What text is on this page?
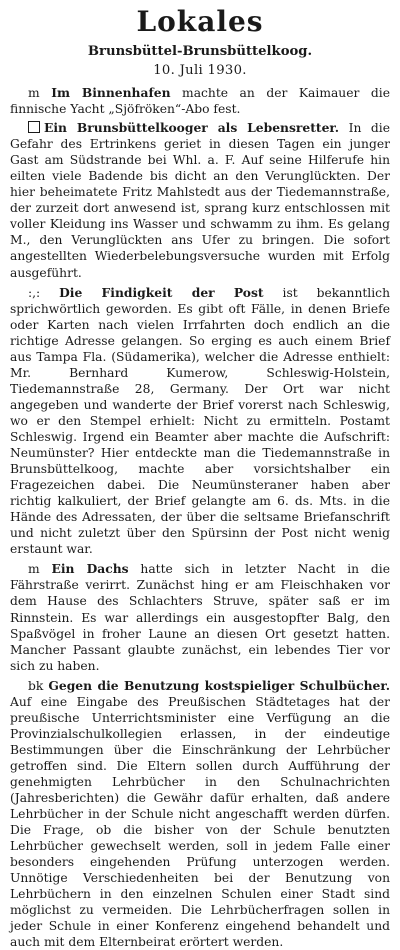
Lokales
Brunsbüttel-Brunsbüttelkoog.
10. Juli 1930.

m Im Binnenhafen machte an der Kaimauer die finnische Yacht „Sjöfröken“-Abo fest.

Ein Brunsbüttelkooger als Lebensretter. In die Gefahr des Ertrinkens geriet in diesen Tagen ein junger Gast am Südstrande bei Whl. a. F. Auf seine Hilferufe hin eilten viele Badende bis dicht an den Verunglückten. Der hier beheimatete Fritz Mahlstedt aus der Tiedemannstraße, der zurzeit dort anwesend ist, sprang kurz entschlossen mit voller Kleidung ins Wasser und schwamm zu ihm. Es gelang M., den Verunglückten ans Ufer zu bringen. Die sofort angestellten Wiederbelebungsversuche wurden mit Erfolg ausgeführt.

:,: Die Findigkeit der Post ist bekanntlich sprichwörtlich geworden. Es gibt oft Fälle, in denen Briefe oder Karten nach vielen Irrfahrten doch endlich an die richtige Adresse gelangen. So erging es auch einem Brief aus Tampa Fla. (Südamerika), welcher die Adresse enthielt: Mr. Bernhard Kumerow, Schleswig-Holstein, Tiedemannstraße 28, Germany. Der Ort war nicht angegeben und wanderte der Brief vorerst nach Schleswig, wo er den Stempel erhielt: Nicht zu ermitteln. Postamt Schleswig. Irgend ein Beamter aber machte die Aufschrift: Neumünster? Hier entdeckte man die Tiedemannstraße in Brunsbüttelkoog, machte aber vorsichtshalber ein Fragezeichen dabei. Die Neumünsteraner haben aber richtig kalkuliert, der Brief gelangte am 6. ds. Mts. in die Hände des Adressaten, der über die seltsame Briefanschrift und nicht zuletzt über den Spürsinn der Post nicht wenig erstaunt war.

m Ein Dachs hatte sich in letzter Nacht in die Fährstraße verirrt. Zunächst hing er am Fleischhaken vor dem Hause des Schlachters Struve, später saß er im Rinnstein. Es war allerdings ein ausgestopfter Balg, den Spaßvögel in froher Laune an diesen Ort gesetzt hatten. Mancher Passant glaubte zunächst, ein lebendes Tier vor sich zu haben.

bk Gegen die Benutzung kostspieliger Schulbücher. Auf eine Eingabe des Preußischen Städtetages hat der preußische Unterrichtsminister eine Verfügung an die Provinzialschulkollegien erlassen, in der eindeutige Bestimmungen über die Einschränkung der Lehrbücher getroffen sind. Die Eltern sollen durch Aufführung der genehmigten Lehrbücher in den Schulnachrichten (Jahresberichten) die Gewähr dafür erhalten, daß andere Lehrbücher in der Schule nicht angeschafft werden dürfen. Die Frage, ob die bisher von der Schule benutzten Lehrbücher gewechselt werden, soll in jedem Falle einer besonders eingehenden Prüfung unterzogen werden. Unnötige Verschiedenheiten bei der Benutzung von Lehrbüchern in den einzelnen Schulen einer Stadt sind möglichst zu vermeiden. Die Lehrbücherfragen sollen in jeder Schule in einer Konferenz eingehend behandelt und auch mit dem Elternbeirat erörtert werden.
